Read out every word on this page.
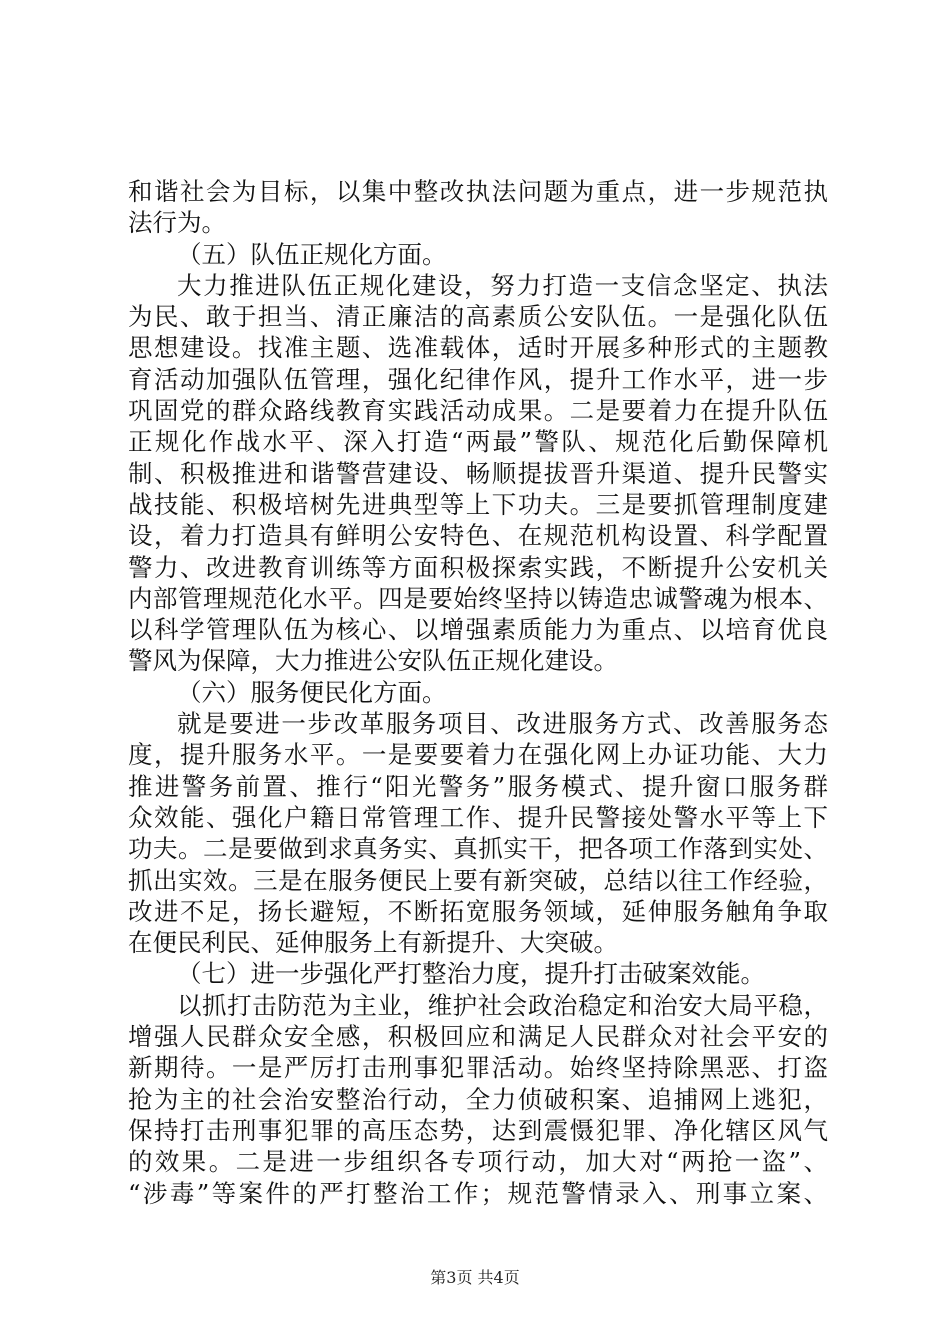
和谐社会为目标，以集中整改执法问题为重点，进一步规范执
法行为。
（五）队伍正规化方面。
大力推进队伍正规化建设，努力打造一支信念坚定、执法
为民、敢于担当、清正廉洁的高素质公安队伍。一是强化队伍
思想建设。找准主题、选准载体，适时开展多种形式的主题教
育活动加强队伍管理，强化纪律作风，提升工作水平，进一步
巩固党的群众路线教育实践活动成果。二是要着力在提升队伍
正规化作战水平、深入打造“两最”警队、规范化后勤保障机
制、积极推进和谐警营建设、畅顺提拔晋升渠道、提升民警实
战技能、积极培树先进典型等上下功夫。三是要抓管理制度建
设，着力打造具有鲜明公安特色、在规范机构设置、科学配置
警力、改进教育训练等方面积极探索实践，不断提升公安机关
内部管理规范化水平。四是要始终坚持以铸造忠诚警魂为根本、
以科学管理队伍为核心、以增强素质能力为重点、以培育优良
警风为保障，大力推进公安队伍正规化建设。
（六）服务便民化方面。
就是要进一步改革服务项目、改进服务方式、改善服务态
度，提升服务水平。一是要要着力在强化网上办证功能、大力
推进警务前置、推行“阳光警务”服务模式、提升窗口服务群
众效能、强化户籍日常管理工作、提升民警接处警水平等上下
功夫。二是要做到求真务实、真抓实干，把各项工作落到实处、
抓出实效。三是在服务便民上要有新突破，总结以往工作经验，
改进不足，扬长避短，不断拓宽服务领域，延伸服务触角争取
在便民利民、延伸服务上有新提升、大突破。
（七）进一步强化严打整治力度，提升打击破案效能。
以抓打击防范为主业，维护社会政治稳定和治安大局平稳，
增强人民群众安全感，积极回应和满足人民群众对社会平安的
新期待。一是严厉打击刑事犯罪活动。始终坚持除黑恶、打盗
抢为主的社会治安整治行动，全力侦破积案、追捕网上逃犯，
保持打击刑事犯罪的高压态势，达到震慑犯罪、净化辖区风气
的效果。二是进一步组织各专项行动，加大对“两抢一盗”、
“涉毒”等案件的严打整治工作；规范警情录入、刑事立案、
第3页 共4页
